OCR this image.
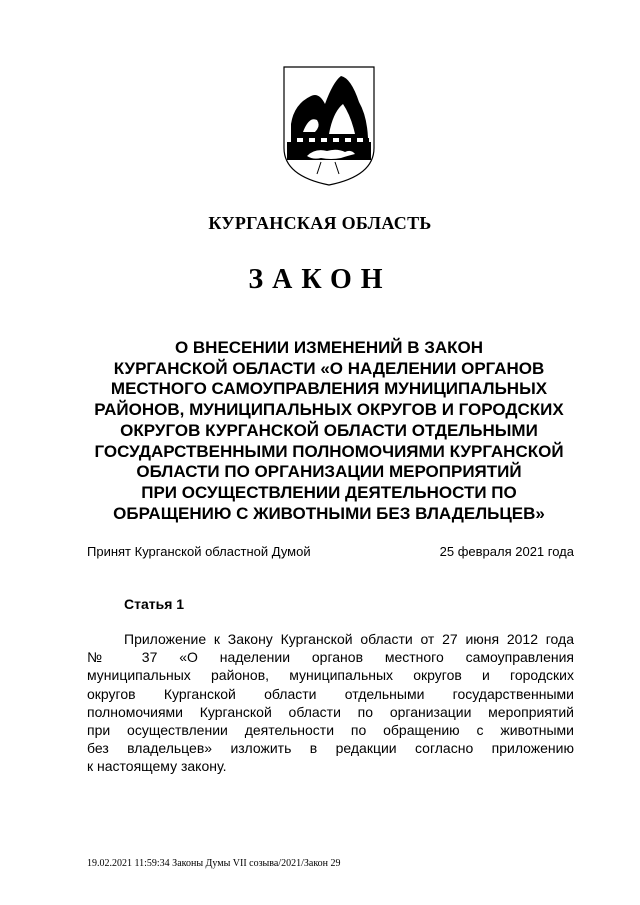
КУРГАНСКАЯ ОБЛАСТЬ
ЗАКОН
О ВНЕСЕНИИ ИЗМЕНЕНИЙ В ЗАКОН
КУРГАНСКОЙ ОБЛАСТИ «О НАДЕЛЕНИИ ОРГАНОВ
МЕСТНОГО САМОУПРАВЛЕНИЯ МУНИЦИПАЛЬНЫХ
РАЙОНОВ, МУНИЦИПАЛЬНЫХ ОКРУГОВ И ГОРОДСКИХ
ОКРУГОВ КУРГАНСКОЙ ОБЛАСТИ ОТДЕЛЬНЫМИ
ГОСУДАРСТВЕННЫМИ ПОЛНОМОЧИЯМИ КУРГАНСКОЙ
ОБЛАСТИ ПО ОРГАНИЗАЦИИ МЕРОПРИЯТИЙ
ПРИ ОСУЩЕСТВЛЕНИИ ДЕЯТЕЛЬНОСТИ ПО
ОБРАЩЕНИЮ С ЖИВОТНЫМИ БЕЗ ВЛАДЕЛЬЦЕВ»
Принят Курганской областной Думой	25 февраля 2021 года
Статья 1
Приложение к Закону Курганской области от 27 июня 2012 года
№ 37 «О наделении органов местного самоуправления
муниципальных районов, муниципальных округов и городских
округов Курганской области отдельными государственными
полномочиями Курганской области по организации мероприятий
при осуществлении деятельности по обращению с животными
без владельцев» изложить в редакции согласно приложению
к настоящему закону.
19.02.2021 11:59:34 Законы Думы VII созыва/2021/Закон 29
